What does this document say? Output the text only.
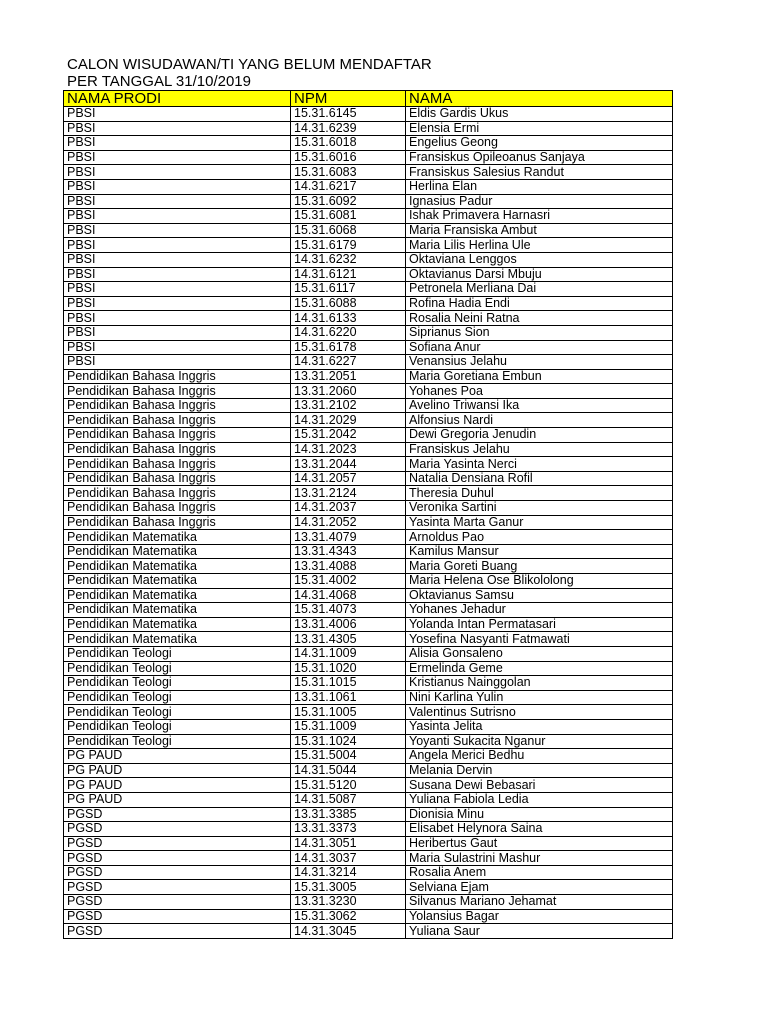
CALON WISUDAWAN/TI YANG BELUM MENDAFTAR
PER TANGGAL 31/10/2019
NAMA PRODI	NPM	NAMA
PBSI	15.31.6145	Eldis Gardis Ukus
PBSI	14.31.6239	Elensia Ermi
PBSI	15.31.6018	Engelius Geong
PBSI	15.31.6016	Fransiskus Opileoanus Sanjaya
PBSI	15.31.6083	Fransiskus Salesius Randut
PBSI	14.31.6217	Herlina Elan
PBSI	15.31.6092	Ignasius Padur
PBSI	15.31.6081	Ishak Primavera Harnasri
PBSI	15.31.6068	Maria Fransiska Ambut
PBSI	15.31.6179	Maria Lilis Herlina Ule
PBSI	14.31.6232	Oktaviana Lenggos
PBSI	14.31.6121	Oktavianus Darsi Mbuju
PBSI	15.31.6117	Petronela Merliana Dai
PBSI	15.31.6088	Rofina Hadia Endi
PBSI	14.31.6133	Rosalia Neini Ratna
PBSI	14.31.6220	Siprianus Sion
PBSI	15.31.6178	Sofiana Anur
PBSI	14.31.6227	Venansius Jelahu
Pendidikan Bahasa Inggris	13.31.2051	Maria Goretiana Embun
Pendidikan Bahasa Inggris	13.31.2060	Yohanes Poa
Pendidikan Bahasa Inggris	13.31.2102	Avelino Triwansi Ika
Pendidikan Bahasa Inggris	14.31.2029	Alfonsius Nardi
Pendidikan Bahasa Inggris	15.31.2042	Dewi Gregoria Jenudin
Pendidikan Bahasa Inggris	14.31.2023	Fransiskus Jelahu
Pendidikan Bahasa Inggris	13.31.2044	Maria Yasinta Nerci
Pendidikan Bahasa Inggris	14.31.2057	Natalia Densiana Rofil
Pendidikan Bahasa Inggris	13.31.2124	Theresia Duhul
Pendidikan Bahasa Inggris	14.31.2037	Veronika Sartini
Pendidikan Bahasa Inggris	14.31.2052	Yasinta Marta Ganur
Pendidikan Matematika	13.31.4079	Arnoldus Pao
Pendidikan Matematika	13.31.4343	Kamilus Mansur
Pendidikan Matematika	13.31.4088	Maria Goreti Buang
Pendidikan Matematika	15.31.4002	Maria Helena Ose Blikololong
Pendidikan Matematika	14.31.4068	Oktavianus Samsu
Pendidikan Matematika	15.31.4073	Yohanes Jehadur
Pendidikan Matematika	13.31.4006	Yolanda Intan Permatasari
Pendidikan Matematika	13.31.4305	Yosefina Nasyanti Fatmawati
Pendidikan Teologi	14.31.1009	Alisia Gonsaleno
Pendidikan Teologi	15.31.1020	Ermelinda Geme
Pendidikan Teologi	15.31.1015	Kristianus Nainggolan
Pendidikan Teologi	13.31.1061	Nini Karlina Yulin
Pendidikan Teologi	15.31.1005	Valentinus Sutrisno
Pendidikan Teologi	15.31.1009	Yasinta Jelita
Pendidikan Teologi	15.31.1024	Yoyanti Sukacita Nganur
PG PAUD	15.31.5004	Angela Merici Bedhu
PG PAUD	14.31.5044	Melania Dervin
PG PAUD	15.31.5120	Susana Dewi Bebasari
PG PAUD	14.31.5087	Yuliana Fabiola Ledia
PGSD	13.31.3385	Dionisia Minu
PGSD	13.31.3373	Elisabet Helynora Saina
PGSD	14.31.3051	Heribertus Gaut
PGSD	14.31.3037	Maria Sulastrini Mashur
PGSD	14.31.3214	Rosalia Anem
PGSD	15.31.3005	Selviana Ejam
PGSD	13.31.3230	Silvanus Mariano Jehamat
PGSD	15.31.3062	Yolansius Bagar
PGSD	14.31.3045	Yuliana Saur
